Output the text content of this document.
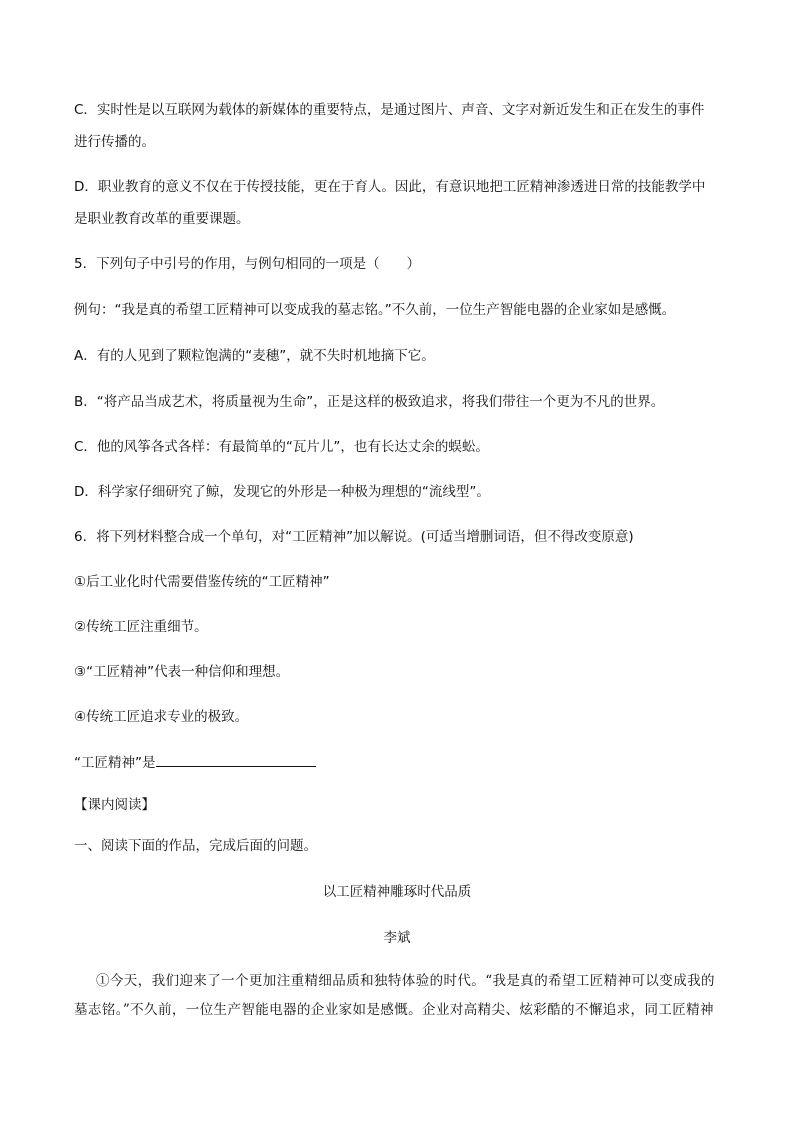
C．实时性是以互联网为载体的新媒体的重要特点，是通过图片、声音、文字对新近发生和正在发生的事件
进行传播的。
D．职业教育的意义不仅在于传授技能，更在于育人。因此，有意识地把工匠精神渗透进日常的技能教学中
是职业教育改革的重要课题。
5．下列句子中引号的作用，与例句相同的一项是（　　）
例句：“我是真的希望工匠精神可以变成我的墓志铭。”不久前，一位生产智能电器的企业家如是感慨。
A．有的人见到了颗粒饱满的“麦穗”，就不失时机地摘下它。
B．“将产品当成艺术，将质量视为生命”，正是这样的极致追求，将我们带往一个更为不凡的世界。
C．他的风筝各式各样：有最简单的“瓦片儿”，也有长达丈余的蜈蚣。
D．科学家仔细研究了鲸，发现它的外形是一种极为理想的“流线型”。
6．将下列材料整合成一个单句，对“工匠精神”加以解说。(可适当增删词语，但不得改变原意)
①后工业化时代需要借鉴传统的“工匠精神”
②传统工匠注重细节。
③“工匠精神”代表一种信仰和理想。
④传统工匠追求专业的极致。
“工匠精神”是
【课内阅读】
一、阅读下面的作品，完成后面的问题。
以工匠精神雕琢时代品质
李斌
①今天，我们迎来了一个更加注重精细品质和独特体验的时代。“我是真的希望工匠精神可以变成我的
墓志铭。”不久前，一位生产智能电器的企业家如是感慨。企业对高精尖、炫彩酷的不懈追求，同工匠精神
